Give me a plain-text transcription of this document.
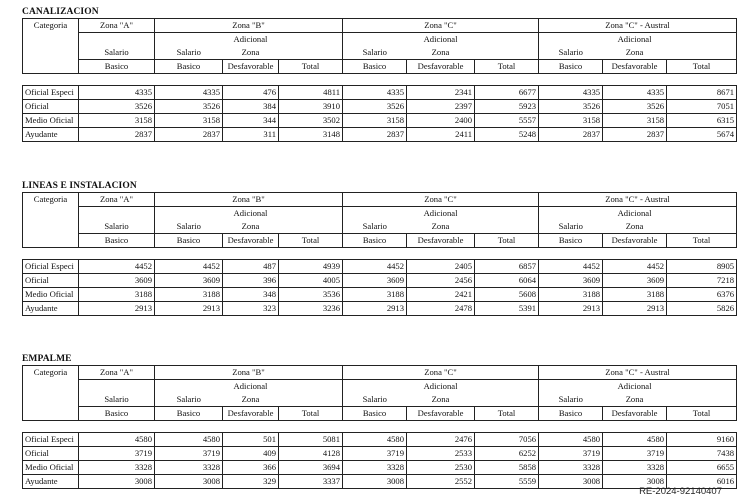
CANALIZACION
Categoria	Zona "A"	Zona "B"			Zona "C"			Zona "C" - Austral		
			Adicional			Adicional			Adicional	
	Salario	Salario	Zona		Salario	Zona		Salario	Zona	
	Basico	Basico	Desfavorable	Total	Basico	Desfavorable	Total	Basico	Desfavorable	Total

Oficial Especi	4335	4335	476	4811	4335	2341	6677	4335	4335	8671
Oficial	3526	3526	384	3910	3526	2397	5923	3526	3526	7051
Medio Oficial	3158	3158	344	3502	3158	2400	5557	3158	3158	6315
Ayudante	2837	2837	311	3148	2837	2411	5248	2837	2837	5674
LINEAS E INSTALACION
Categoria	Zona "A"	Zona "B"			Zona "C"			Zona "C" - Austral		
			Adicional			Adicional			Adicional	
	Salario	Salario	Zona		Salario	Zona		Salario	Zona	
	Basico	Basico	Desfavorable	Total	Basico	Desfavorable	Total	Basico	Desfavorable	Total

Oficial Especi	4452	4452	487	4939	4452	2405	6857	4452	4452	8905
Oficial	3609	3609	396	4005	3609	2456	6064	3609	3609	7218
Medio Oficial	3188	3188	348	3536	3188	2421	5608	3188	3188	6376
Ayudante	2913	2913	323	3236	2913	2478	5391	2913	2913	5826
EMPALME
Categoria	Zona "A"	Zona "B"			Zona "C"			Zona "C" - Austral		
			Adicional			Adicional			Adicional	
	Salario	Salario	Zona		Salario	Zona		Salario	Zona	
	Basico	Basico	Desfavorable	Total	Basico	Desfavorable	Total	Basico	Desfavorable	Total

Oficial Especi	4580	4580	501	5081	4580	2476	7056	4580	4580	9160
Oficial	3719	3719	409	4128	3719	2533	6252	3719	3719	7438
Medio Oficial	3328	3328	366	3694	3328	2530	5858	3328	3328	6655
Ayudante	3008	3008	329	3337	3008	2552	5559	3008	3008	6016
RE-2024-92140407
